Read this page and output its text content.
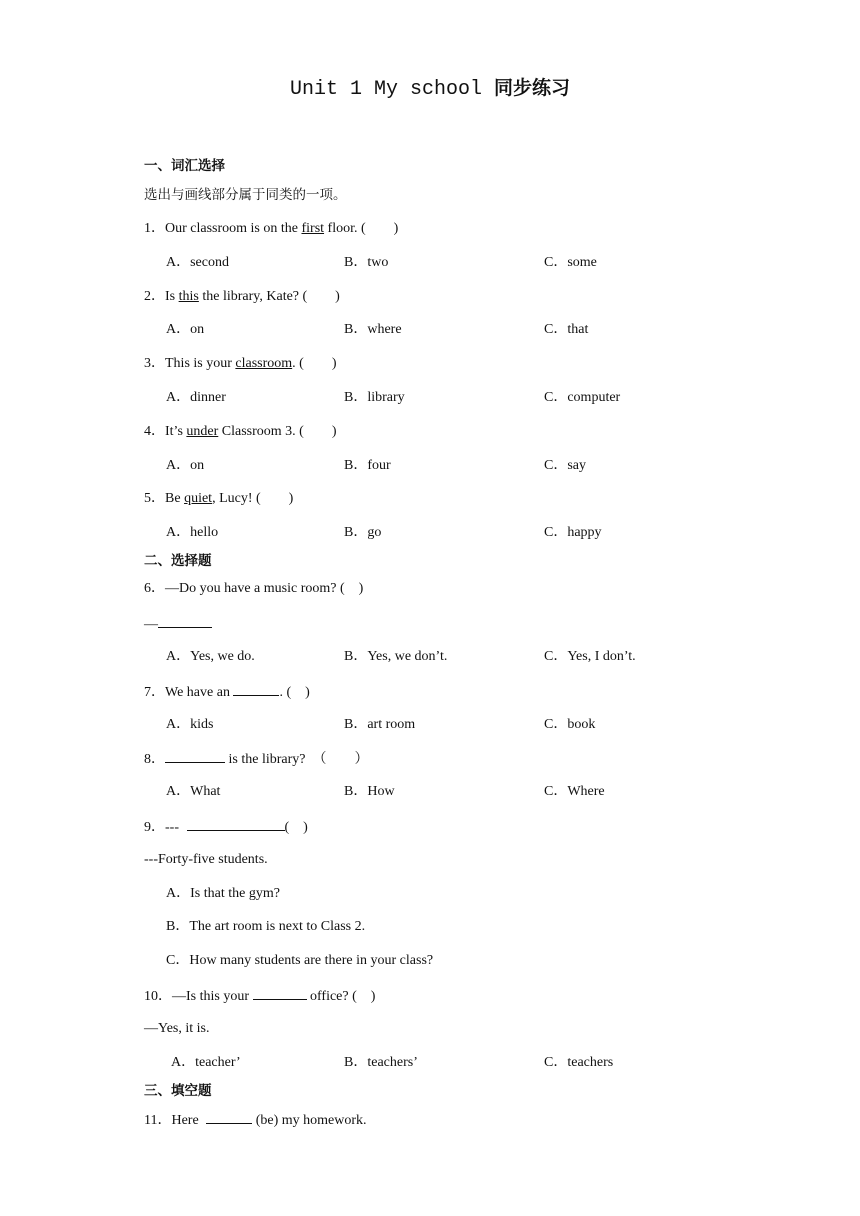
Unit 1 My school 同步练习
一、词汇选择
选出与画线部分属于同类的一项。
1．Our classroom is on the first floor. (　　)
A．second	B．two	C．some
2．Is this the library, Kate? (　　)
A．on	B．where	C．that
3．This is your classroom. (　　)
A．dinner	B．library	C．computer
4．It’s under Classroom 3. (　　)
A．on	B．four	C．say
5．Be quiet, Lucy! (　　)
A．hello	B．go	C．happy
二、选择题
6．—Do you have a music room? (　)
—
A．Yes, we do.	B．Yes, we don’t.	C．Yes, I don’t.
7．We have an	. (　)
A．kids	B．art room	C．book
8．	is the library?　（　　）
A．What	B．How	C．Where
9．---	(　)
---Forty-five students.
A．Is that the gym?
B．The art room is next to Class 2.
C．How many students are there in your class?
10．—Is this your	office? (　)
—Yes, it is.
A．teacher’	B．teachers’	C．teachers
三、填空题
11．Here	(be) my homework.
